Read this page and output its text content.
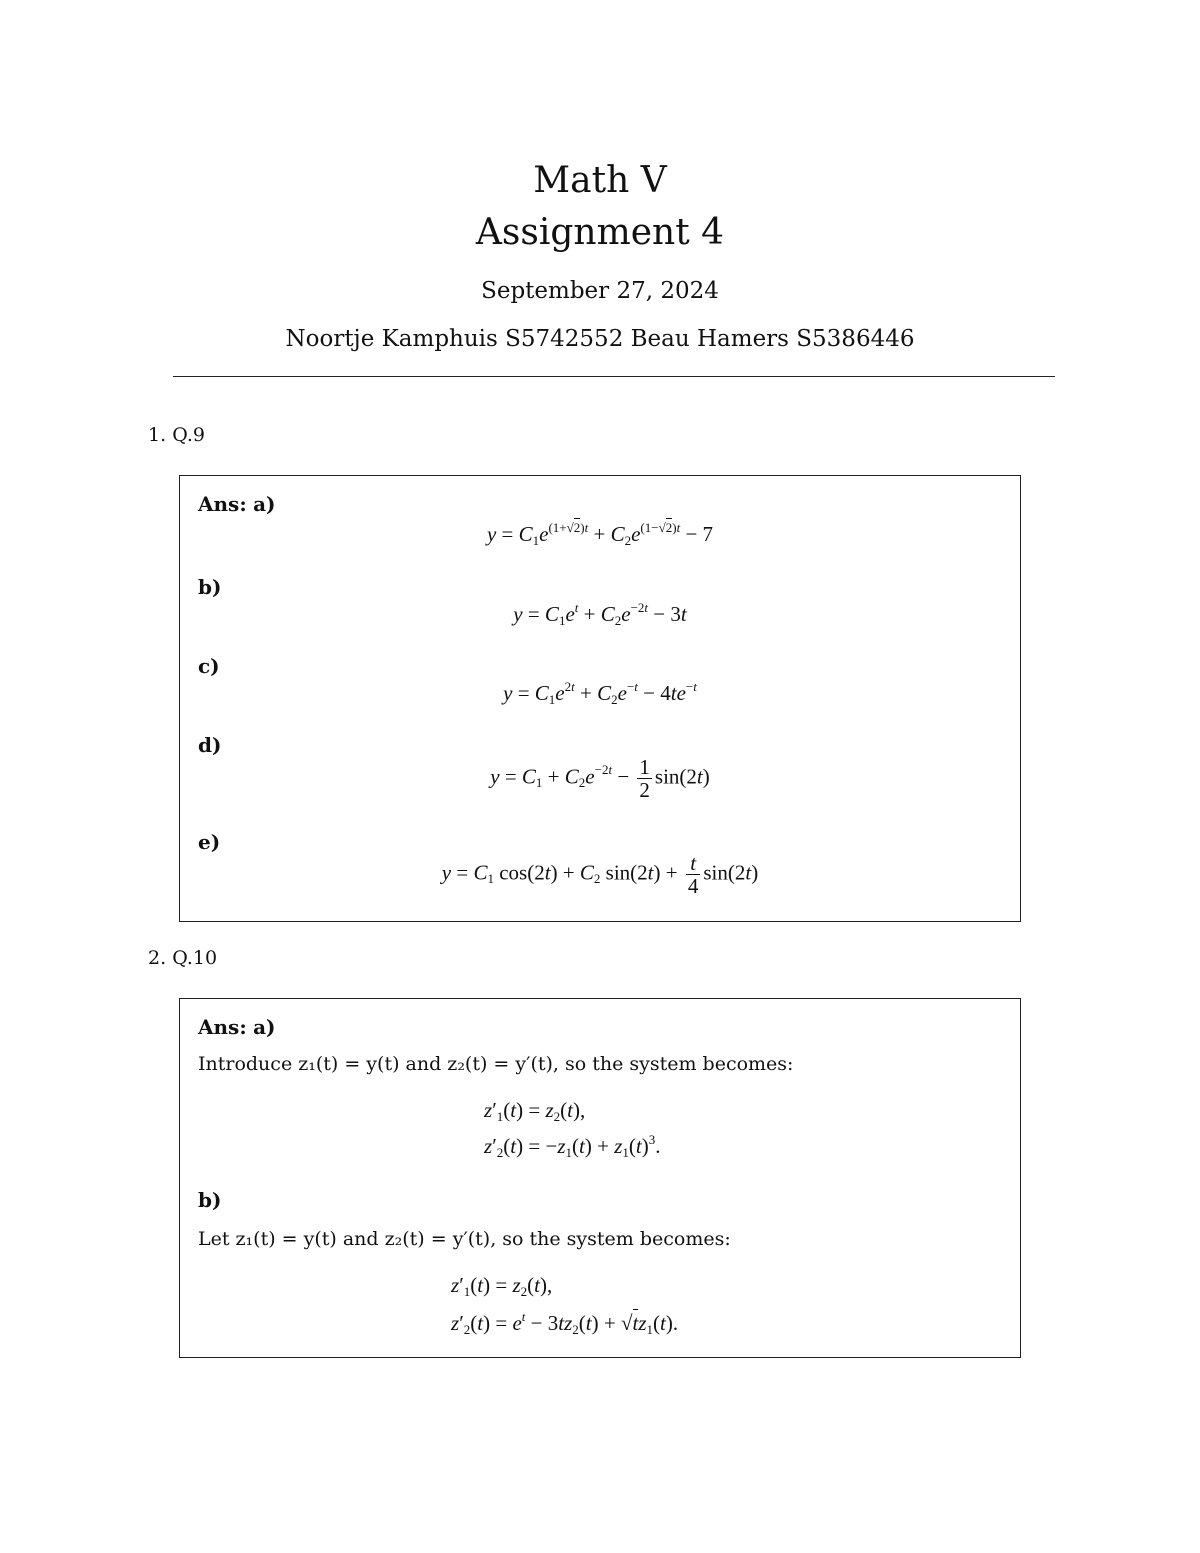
Math V
Assignment 4
September 27, 2024
Noortje Kamphuis S5742552 Beau Hamers S5386446
1. Q.9
Ans: a)
$y = C_1e^{(1+√2)t} + C_2e^{(1-√2)t} - 7$
b)
$y = C_1e^t + C_2e^{-2t} - 3t$
c)
$y = C_1e^{2t} + C_2e^{-t} - 4te^{-t}$
d)
$y = C_1 + C_2e^{-2t} - \frac{1}{2} \sin(2t)$
e)
$y = C_1$ $\cos(2t) + C_2$ $\sin(2t) + \frac{t}{4} \sin(2t)$
2. Q.10
Ans: a)
Introduce z₁(t) = y(t) and z₂(t) = y′(t), so the system becomes:
$z'_1(t) = z_2(t)$,
$z'_2(t) = -z_1(t) + z_1(t)^3$.
b)
Let z₁(t) = y(t) and z₂(t) = y′(t), so the system becomes:
$z'_1(t) = z_2(t)$,
$z'_2(t) = e^t - 3tz_2(t) + √tz_1(t)$.
